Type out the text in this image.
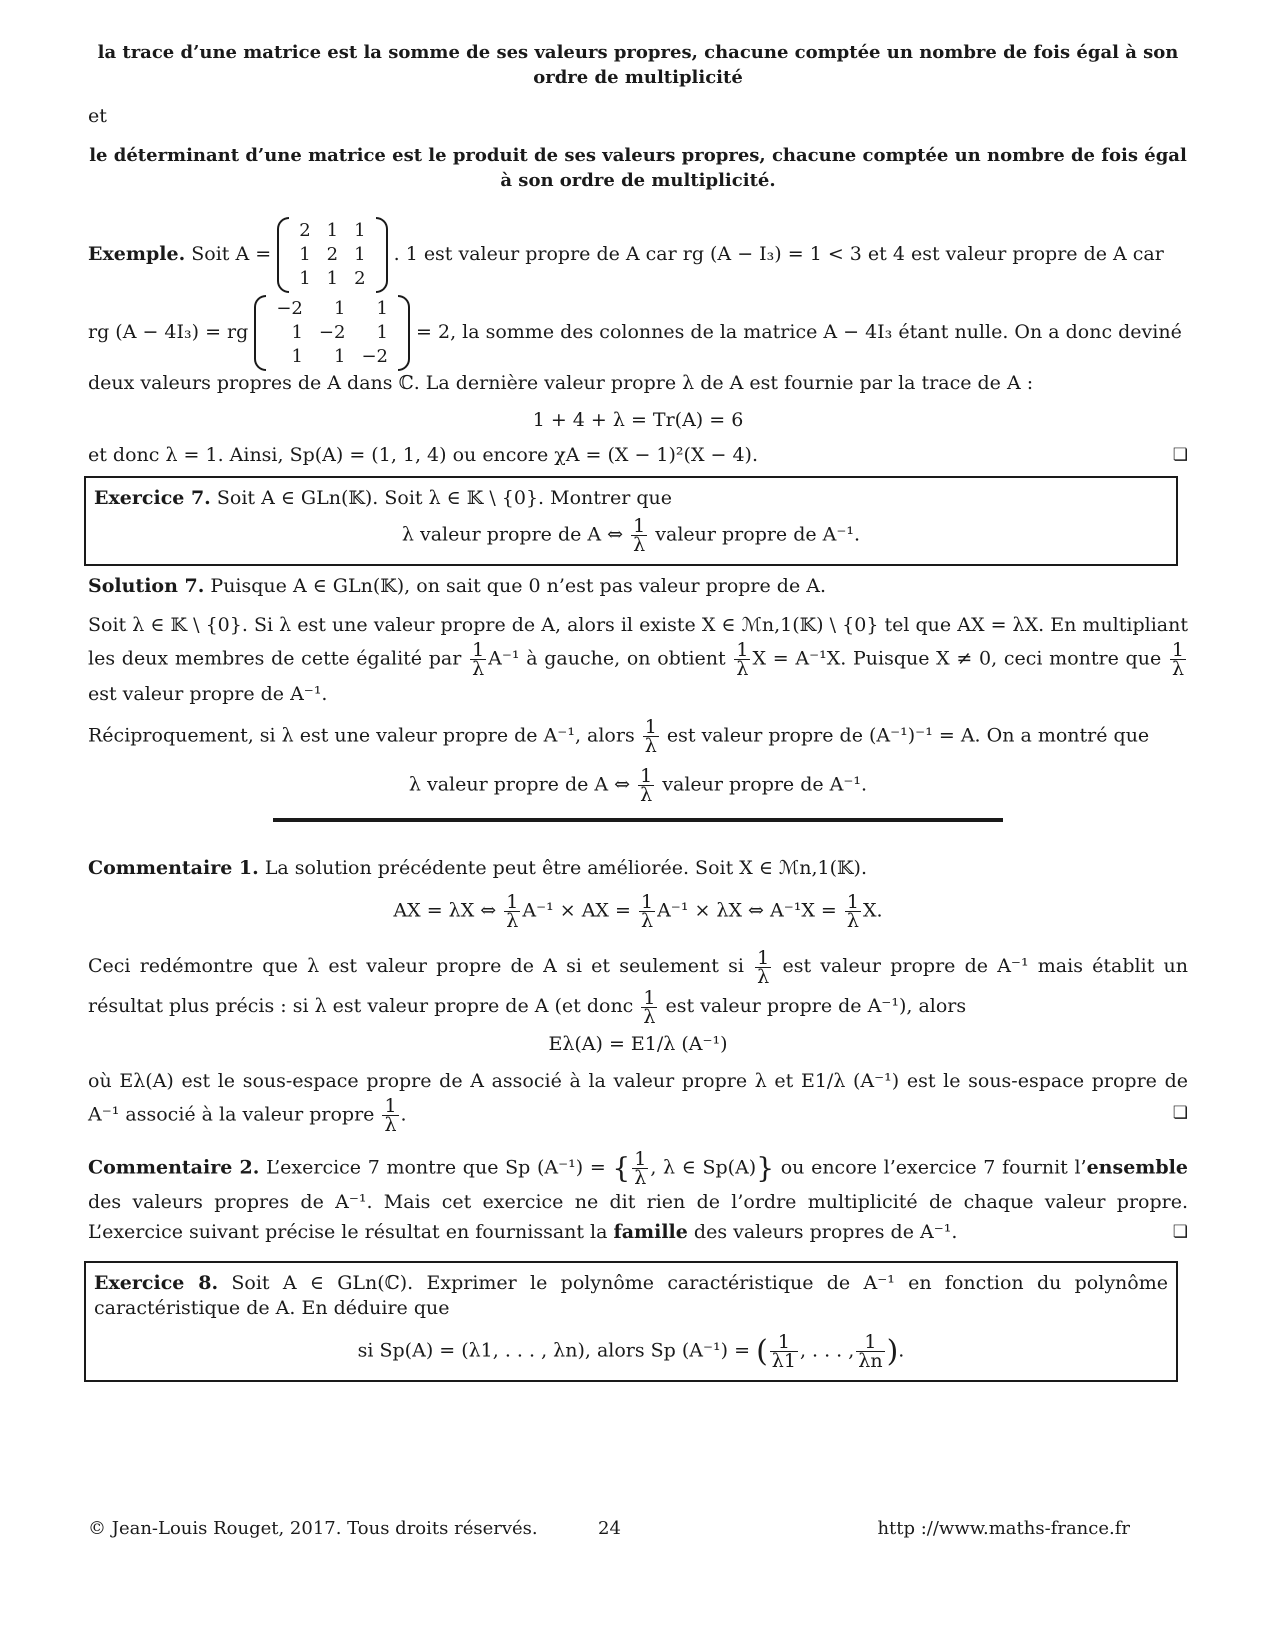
la trace d’une matrice est la somme de ses valeurs propres, chacune comptée un nombre de fois égal à son ordre de multiplicité

et

le déterminant d’une matrice est le produit de ses valeurs propres, chacune comptée un nombre de fois égal à son ordre de multiplicité.

Exemple. Soit A =
2	1	1
1	2	1
1	1	2
. 1 est valeur propre de A car rg (A − I₃) = 1 < 3 et 4 est valeur propre de A car
rg (A − 4I₃) = rg
−2	1	1
1	−2	1
1	1	−2
= 2, la somme des colonnes de la matrice A − 4I₃ étant nulle. On a donc deviné

deux valeurs propres de A dans ℂ. La dernière valeur propre λ de A est fournie par la trace de A :

1 + 4 + λ = Tr(A) = 6

et donc λ = 1. Ainsi, Sp(A) = (1, 1, 4) ou encore χA = (X − 1)²(X − 4).	❏

Exercice 7. Soit A ∈ GLn(𝕂). Soit λ ∈ 𝕂 \ {0}. Montrer que

λ valeur propre de A ⇔ $\frac{1}{\lambda}$ valeur propre de A⁻¹.

Solution 7. Puisque A ∈ GLn(𝕂), on sait que 0 n’est pas valeur propre de A.

Soit λ ∈ 𝕂 \ {0}. Si λ est une valeur propre de A, alors il existe X ∈ ℳn,1(𝕂) \ {0} tel que AX = λX. En multipliant les deux membres de cette égalité par $\frac{1}{\lambda} A^{-1}$ à gauche, on obtient $\frac{1}{\lambda}$ X = A⁻¹X. Puisque X ≠ 0, ceci montre que $\frac{1}{\lambda}$
est valeur propre de A⁻¹.

Réciproquement, si λ est une valeur propre de A⁻¹, alors $\frac{1}{\lambda}$ est valeur propre de (A⁻¹)⁻¹ = A. On a montré que

λ valeur propre de A ⇔ $\frac{1}{\lambda}$ valeur propre de A⁻¹.

Commentaire 1. La solution précédente peut être améliorée. Soit X ∈ ℳn,1(𝕂).

AX = λX ⇔ $\frac{1}{\lambda} A^{-1}$ × AX = $\frac{1}{\lambda} A^{-1} \times \lambda X$ ⇔ $A^{-1}X = \frac{1}{\lambda} X$.

Ceci redémontre que λ est valeur propre de A si et seulement si $\frac{1}{\lambda}$ est valeur propre de A⁻¹ mais établit un résultat plus précis : si λ est valeur propre de A (et donc $\frac{1}{\lambda}$ est valeur propre de A⁻¹), alors

Eλ(A) = E1/λ (A⁻¹)

où Eλ(A) est le sous-espace propre de A associé à la valeur propre λ et E1/λ (A⁻¹) est le sous-espace propre de A⁻¹ associé à la valeur propre $\frac{1}{\lambda}$ .	❏

Commentaire 2. L’exercice 7 montre que Sp (A⁻¹) = { $\frac{1}{\lambda}$ , λ ∈ Sp(A)} ou encore l’exercice 7 fournit l’ensemble des valeurs propres de A⁻¹. Mais cet exercice ne dit rien de l’ordre multiplicité de chaque valeur propre. L’exercice suivant précise le résultat en fournissant la famille des valeurs propres de A⁻¹.	❏

Exercice 8. Soit A ∈ GLn(ℂ). Exprimer le polynôme caractéristique de A⁻¹ en fonction du polynôme caractéristique de A. En déduire que

si Sp(A) = (λ1, . . . , λn), alors Sp (A⁻¹) = ( $\frac{1}{\lambda 1}$ , . . . , $\frac{1}{\lambda n}$ ).

© Jean-Louis Rouget, 2017. Tous droits réservés.	24	http ://www.maths-france.fr
